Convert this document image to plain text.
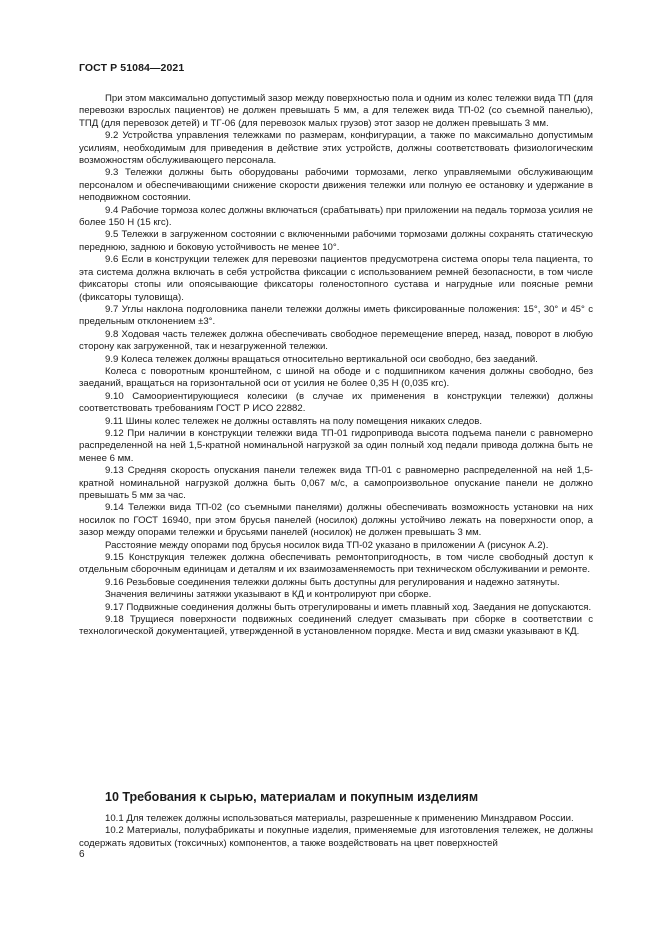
ГОСТ Р 51084—2021

При этом максимально допустимый зазор между поверхностью пола и одним из колес тележки вида ТП (для перевозки взрослых пациентов) не должен превышать 5 мм, а для тележек вида ТП-02 (со съемной панелью), ТПД (для перевозок детей) и ТГ-06 (для перевозок малых грузов) этот зазор не должен превышать 3 мм.

9.2 Устройства управления тележками по размерам, конфигурации, а также по максимально допустимым усилиям, необходимым для приведения в действие этих устройств, должны соответствовать физиологическим возможностям обслуживающего персонала.

9.3 Тележки должны быть оборудованы рабочими тормозами, легко управляемыми обслуживающим персоналом и обеспечивающими снижение скорости движения тележки или полную ее остановку и удержание в неподвижном состоянии.

9.4 Рабочие тормоза колес должны включаться (срабатывать) при приложении на педаль тормоза усилия не более 150 Н (15 кгс).

9.5 Тележки в загруженном состоянии с включенными рабочими тормозами должны сохранять статическую переднюю, заднюю и боковую устойчивость не менее 10°.

9.6 Если в конструкции тележек для перевозки пациентов предусмотрена система опоры тела пациента, то эта система должна включать в себя устройства фиксации с использованием ремней безопасности, в том числе фиксаторы стопы или опоясывающие фиксаторы голеностопного сустава и нагрудные или поясные ремни (фиксаторы туловища).

9.7 Углы наклона подголовника панели тележки должны иметь фиксированные положения: 15°, 30° и 45° с предельным отклонением ±3°.

9.8 Ходовая часть тележек должна обеспечивать свободное перемещение вперед, назад, поворот в любую сторону как загруженной, так и незагруженной тележки.

9.9 Колеса тележек должны вращаться относительно вертикальной оси свободно, без заеданий.

Колеса с поворотным кронштейном, с шиной на ободе и с подшипником качения должны свободно, без заеданий, вращаться на горизонтальной оси от усилия не более 0,35 Н (0,035 кгс).

9.10 Самоориентирующиеся колесики (в случае их применения в конструкции тележки) должны соответствовать требованиям ГОСТ Р ИСО 22882.

9.11 Шины колес тележек не должны оставлять на полу помещения никаких следов.

9.12 При наличии в конструкции тележки вида ТП-01 гидропривода высота подъема панели с равномерно распределенной на ней 1,5-кратной номинальной нагрузкой за один полный ход педали привода должна быть не менее 6 мм.

9.13 Средняя скорость опускания панели тележек вида ТП-01 с равномерно распределенной на ней 1,5-кратной номинальной нагрузкой должна быть 0,067 м/с, а самопроизвольное опускание панели не должно превышать 5 мм за час.

9.14 Тележки вида ТП-02 (со съемными панелями) должны обеспечивать возможность установки на них носилок по ГОСТ 16940, при этом брусья панелей (носилок) должны устойчиво лежать на поверхности опор, а зазор между опорами тележки и брусьями панелей (носилок) не должен превышать 3 мм.

Расстояние между опорами под брусья носилок вида ТП-02 указано в приложении А (рисунок А.2).

9.15 Конструкция тележек должна обеспечивать ремонтопригодность, в том числе свободный доступ к отдельным сборочным единицам и деталям и их взаимозаменяемость при техническом обслуживании и ремонте.

9.16 Резьбовые соединения тележки должны быть доступны для регулирования и надежно затянуты.

Значения величины затяжки указывают в КД и контролируют при сборке.

9.17 Подвижные соединения должны быть отрегулированы и иметь плавный ход. Заедания не допускаются.

9.18 Трущиеся поверхности подвижных соединений следует смазывать при сборке в соответствии с технологической документацией, утвержденной в установленном порядке. Места и вид смазки указывают в КД.

10 Требования к сырью, материалам и покупным изделиям

10.1 Для тележек должны использоваться материалы, разрешенные к применению Минздравом России.

10.2 Материалы, полуфабрикаты и покупные изделия, применяемые для изготовления тележек, не должны содержать ядовитых (токсичных) компонентов, а также воздействовать на цвет поверхностей

6
